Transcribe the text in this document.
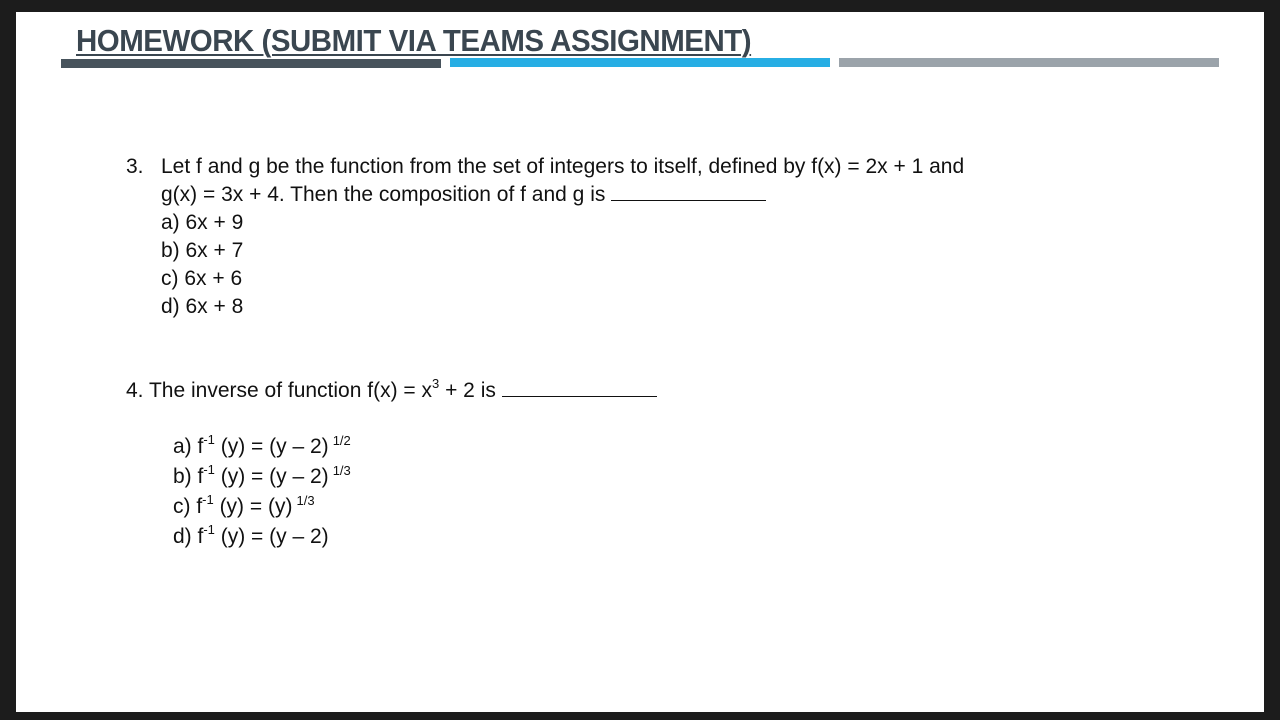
HOMEWORK (SUBMIT VIA TEAMS ASSIGNMENT)
3. Let f and g be the function from the set of integers to itself, defined by f(x) = 2x + 1 and
g(x) = 3x + 4. Then the composition of f and g is
a) 6x + 9
b) 6x + 7
c) 6x + 6
d) 6x + 8
4. The inverse of function $f(x) = x^3 + 2$ is
a) $f^{-1}$ (y) = (y – 2) $^{1/2}$
b) $f^{-1}$ (y) = (y – 2) $^{1/3}$
c) $f^{-1}$ (y) = (y) $^{1/3}$
d) $f^{-1}$ (y) = (y – 2)
